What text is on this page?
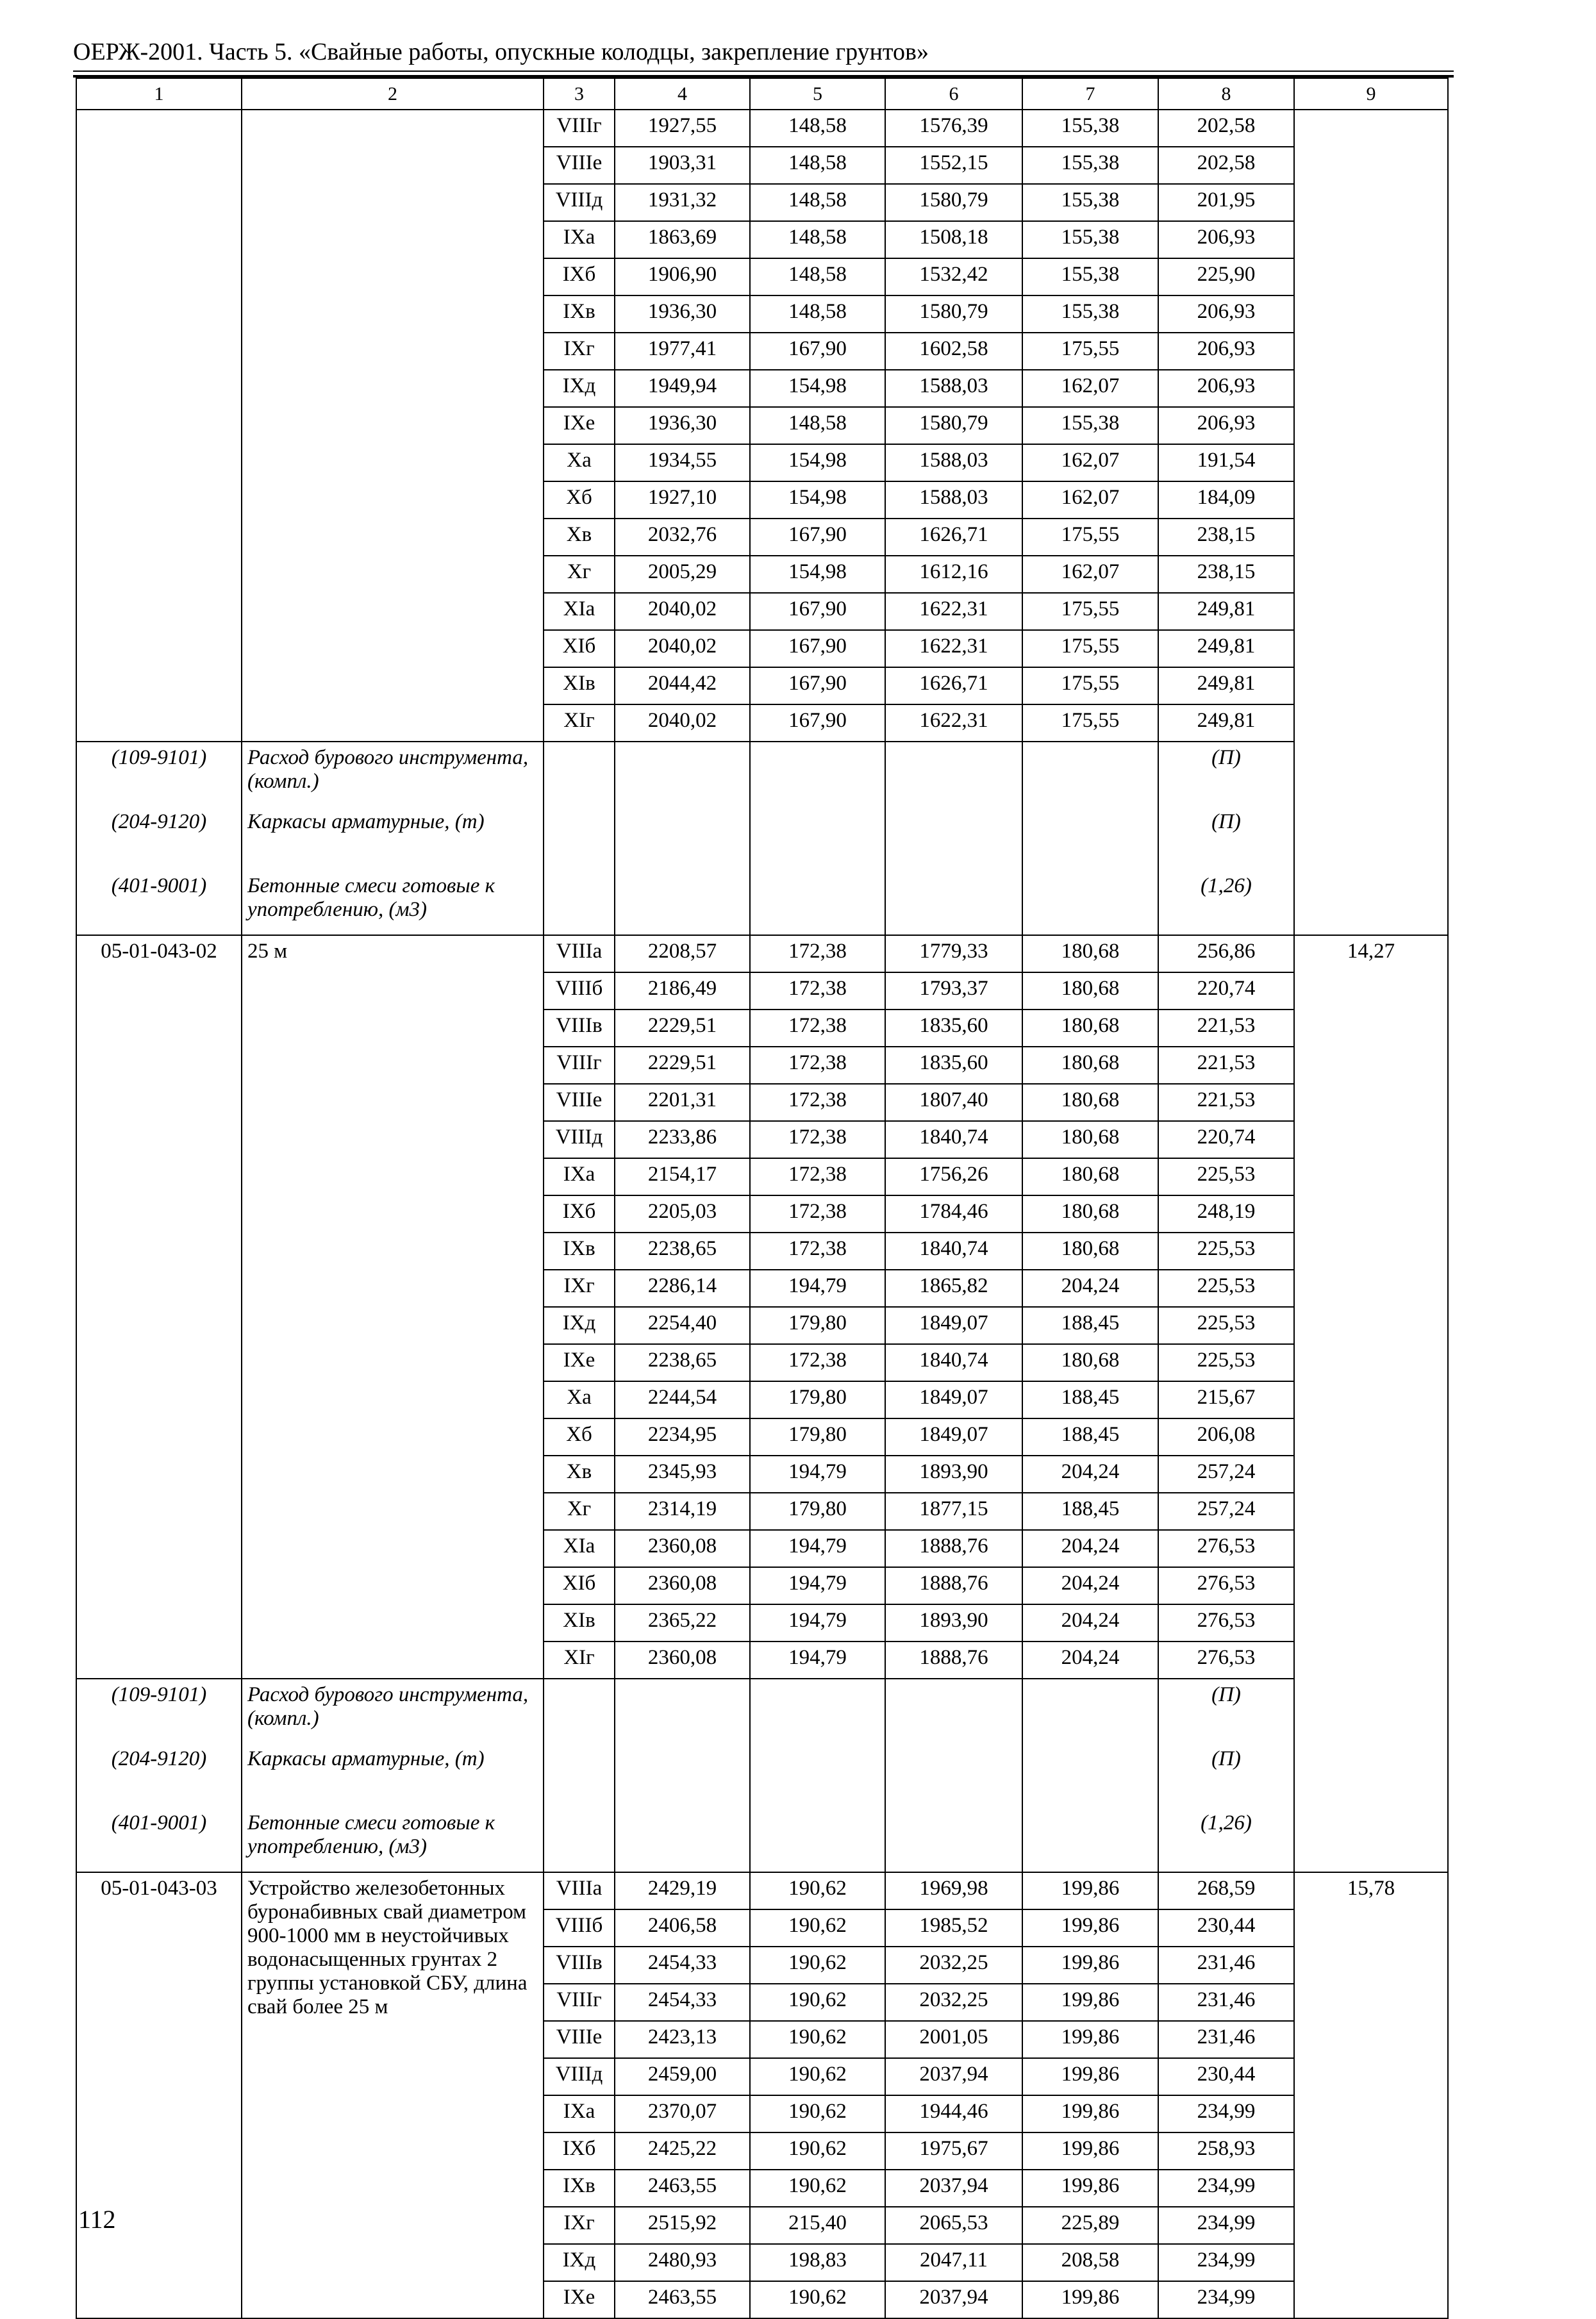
ОЕРЖ-2001. Часть 5. «Свайные работы, опускные колодцы, закрепление грунтов»
1	2	3	4	5	6	7	8	9
		VIIIг	1927,55	148,58	1576,39	155,38	202,58	
		VIIIе	1903,31	148,58	1552,15	155,38	202,58	
		VIIIд	1931,32	148,58	1580,79	155,38	201,95	
		IXа	1863,69	148,58	1508,18	155,38	206,93	
		IXб	1906,90	148,58	1532,42	155,38	225,90	
		IXв	1936,30	148,58	1580,79	155,38	206,93	
		IXг	1977,41	167,90	1602,58	175,55	206,93	
		IXд	1949,94	154,98	1588,03	162,07	206,93	
		IXе	1936,30	148,58	1580,79	155,38	206,93	
		Xа	1934,55	154,98	1588,03	162,07	191,54	
		Xб	1927,10	154,98	1588,03	162,07	184,09	
		Xв	2032,76	167,90	1626,71	175,55	238,15	
		Xг	2005,29	154,98	1612,16	162,07	238,15	
		XIа	2040,02	167,90	1622,31	175,55	249,81	
		XIб	2040,02	167,90	1622,31	175,55	249,81	
		XIв	2044,42	167,90	1626,71	175,55	249,81	
		XIг	2040,02	167,90	1622,31	175,55	249,81	
(109-9101)	Расход бурового инструмента, (компл.)						(П)	
(204-9120)	Каркасы арматурные, (т)						(П)	
(401-9001)	Бетонные смеси готовые к употреблению, (м3)						(1,26)	
05-01-043-02	25 м	VIIIа	2208,57	172,38	1779,33	180,68	256,86	14,27
		VIIIб	2186,49	172,38	1793,37	180,68	220,74	
		VIIIв	2229,51	172,38	1835,60	180,68	221,53	
		VIIIг	2229,51	172,38	1835,60	180,68	221,53	
		VIIIе	2201,31	172,38	1807,40	180,68	221,53	
		VIIIд	2233,86	172,38	1840,74	180,68	220,74	
		IXа	2154,17	172,38	1756,26	180,68	225,53	
		IXб	2205,03	172,38	1784,46	180,68	248,19	
		IXв	2238,65	172,38	1840,74	180,68	225,53	
		IXг	2286,14	194,79	1865,82	204,24	225,53	
		IXд	2254,40	179,80	1849,07	188,45	225,53	
		IXе	2238,65	172,38	1840,74	180,68	225,53	
		Xа	2244,54	179,80	1849,07	188,45	215,67	
		Xб	2234,95	179,80	1849,07	188,45	206,08	
		Xв	2345,93	194,79	1893,90	204,24	257,24	
		Xг	2314,19	179,80	1877,15	188,45	257,24	
		XIа	2360,08	194,79	1888,76	204,24	276,53	
		XIб	2360,08	194,79	1888,76	204,24	276,53	
		XIв	2365,22	194,79	1893,90	204,24	276,53	
		XIг	2360,08	194,79	1888,76	204,24	276,53	
(109-9101)	Расход бурового инструмента, (компл.)						(П)	
(204-9120)	Каркасы арматурные, (т)						(П)	
(401-9001)	Бетонные смеси готовые к употреблению, (м3)						(1,26)	
05-01-043-03	Устройство железобетонных буронабивных свай диаметром 900-1000 мм в неустойчивых водонасыщенных грунтах 2 группы установкой СБУ, длина свай более 25 м	VIIIа	2429,19	190,62	1969,98	199,86	268,59	15,78
		VIIIб	2406,58	190,62	1985,52	199,86	230,44	
		VIIIв	2454,33	190,62	2032,25	199,86	231,46	
		VIIIг	2454,33	190,62	2032,25	199,86	231,46	
		VIIIе	2423,13	190,62	2001,05	199,86	231,46	
		VIIIд	2459,00	190,62	2037,94	199,86	230,44	
		IXа	2370,07	190,62	1944,46	199,86	234,99	
		IXб	2425,22	190,62	1975,67	199,86	258,93	
		IXв	2463,55	190,62	2037,94	199,86	234,99	
		IXг	2515,92	215,40	2065,53	225,89	234,99	
		IXд	2480,93	198,83	2047,11	208,58	234,99	
		IXе	2463,55	190,62	2037,94	199,86	234,99	
112
